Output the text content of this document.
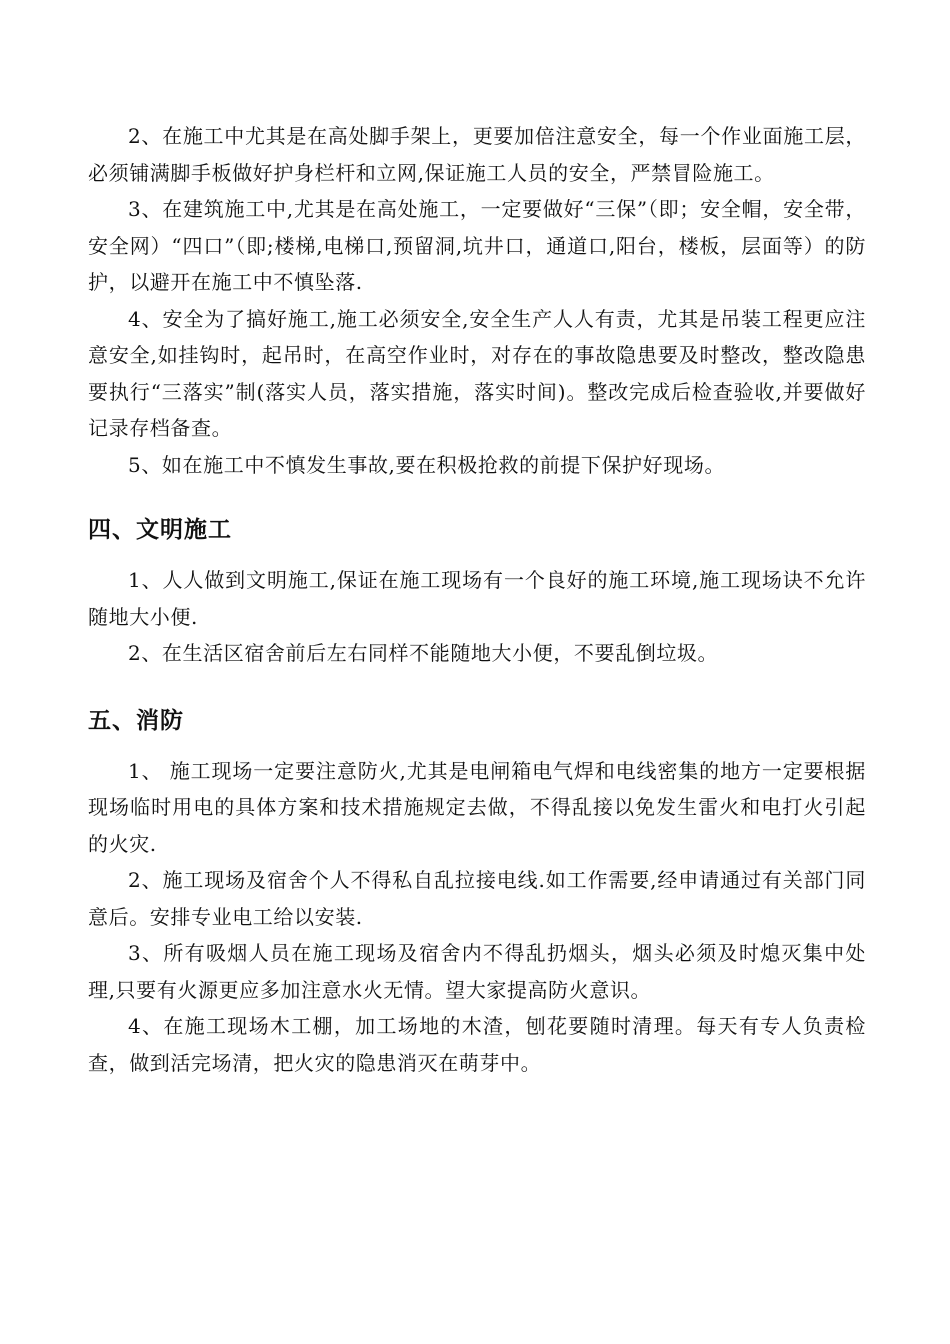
2、在施工中尤其是在高处脚手架上，更要加倍注意安全，每一个作业面施工层，必须铺满脚手板做好护身栏杆和立网,保证施工人员的安全，严禁冒险施工。

3、在建筑施工中,尤其是在高处施工，一定要做好“三保”（即；安全帽，安全带，安全网）“四口”（即;楼梯,电梯口,预留洞,坑井口，通道口,阳台，楼板，层面等）的防护，以避开在施工中不慎坠落.

4、安全为了搞好施工,施工必须安全,安全生产人人有责，尤其是吊装工程更应注意安全,如挂钩时，起吊时，在高空作业时，对存在的事故隐患要及时整改，整改隐患要执行“三落实”制(落实人员，落实措施，落实时间)。整改完成后检查验收,并要做好记录存档备查。

5、如在施工中不慎发生事故,要在积极抢救的前提下保护好现场。

四、文明施工

1、人人做到文明施工,保证在施工现场有一个良好的施工环境,施工现场诀不允许随地大小便.

2、在生活区宿舍前后左右同样不能随地大小便，不要乱倒垃圾。

五、消防

1、 施工现场一定要注意防火,尤其是电闸箱电气焊和电线密集的地方一定要根据现场临时用电的具体方案和技术措施规定去做，不得乱接以免发生雷火和电打火引起的火灾.

2、施工现场及宿舍个人不得私自乱拉接电线.如工作需要,经申请通过有关部门同意后。安排专业电工给以安装.

3、所有吸烟人员在施工现场及宿舍内不得乱扔烟头，烟头必须及时熄灭集中处理,只要有火源更应多加注意水火无情。望大家提高防火意识。

4、在施工现场木工棚，加工场地的木渣，刨花要随时清理。每天有专人负责检查，做到活完场清，把火灾的隐患消灭在萌芽中。
